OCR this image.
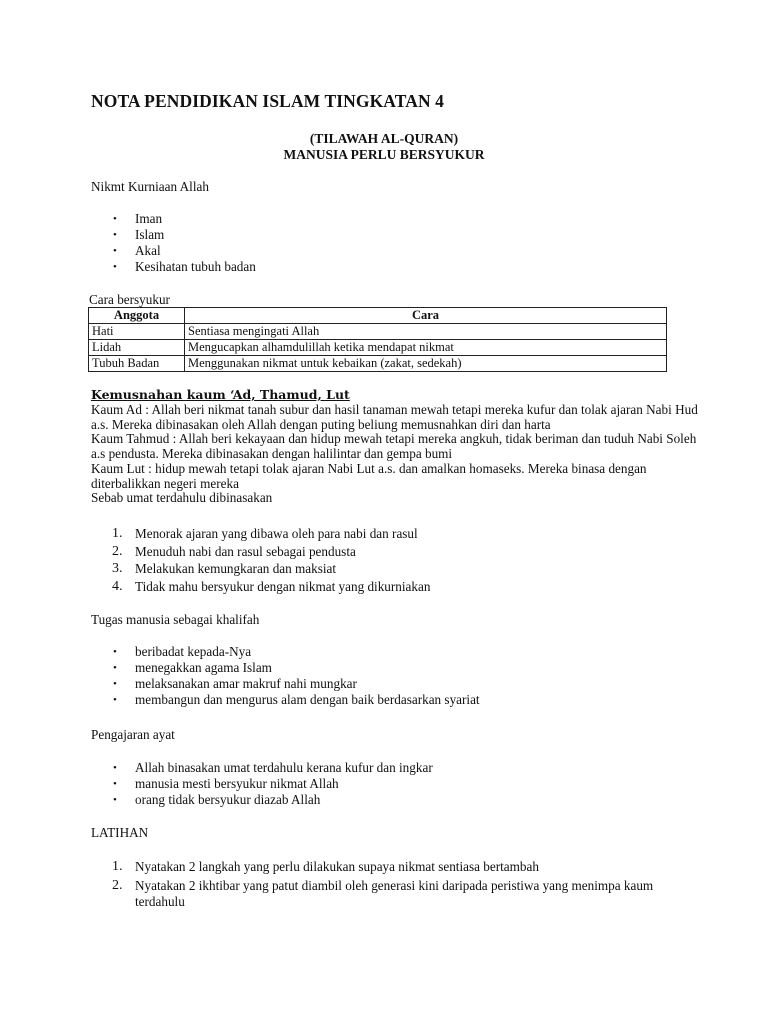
NOTA PENDIDIKAN ISLAM TINGKATAN 4
(TILAWAH AL-QURAN)
MANUSIA PERLU BERSYUKUR
Nikmt Kurniaan Allah
• Iman
• Islam
• Akal
• Kesihatan tubuh badan
Cara bersyukur
Anggota	Cara
Hati	Sentiasa mengingati Allah
Lidah	Mengucapkan alhamdulillah ketika mendapat nikmat
Tubuh Badan	Menggunakan nikmat untuk kebaikan (zakat, sedekah)
Kemusnahan kaum ‘Ad, Thamud, Lut
Kaum Ad : Allah beri nikmat tanah subur dan hasil tanaman mewah tetapi mereka kufur dan tolak ajaran Nabi Hud
a.s. Mereka dibinasakan oleh Allah dengan puting beliung memusnahkan diri dan harta
Kaum Tahmud : Allah beri kekayaan dan hidup mewah tetapi mereka angkuh, tidak beriman dan tuduh Nabi Soleh
a.s pendusta. Mereka dibinasakan dengan halilintar dan gempa bumi
Kaum Lut : hidup mewah tetapi tolak ajaran Nabi Lut a.s. dan amalkan homaseks. Mereka binasa dengan
diterbalikkan negeri mereka
Sebab umat terdahulu dibinasakan
1. Menorak ajaran yang dibawa oleh para nabi dan rasul
2. Menuduh nabi dan rasul sebagai pendusta
3. Melakukan kemungkaran dan maksiat
4. Tidak mahu bersyukur dengan nikmat yang dikurniakan
Tugas manusia sebagai khalifah
• beribadat kepada-Nya
• menegakkan agama Islam
• melaksanakan amar makruf nahi mungkar
• membangun dan mengurus alam dengan baik berdasarkan syariat
Pengajaran ayat
• Allah binasakan umat terdahulu kerana kufur dan ingkar
• manusia mesti bersyukur nikmat Allah
• orang tidak bersyukur diazab Allah
LATIHAN
1. Nyatakan 2 langkah yang perlu dilakukan supaya nikmat sentiasa bertambah
2. Nyatakan 2 ikhtibar yang patut diambil oleh generasi kini daripada peristiwa yang menimpa kaum
terdahulu
